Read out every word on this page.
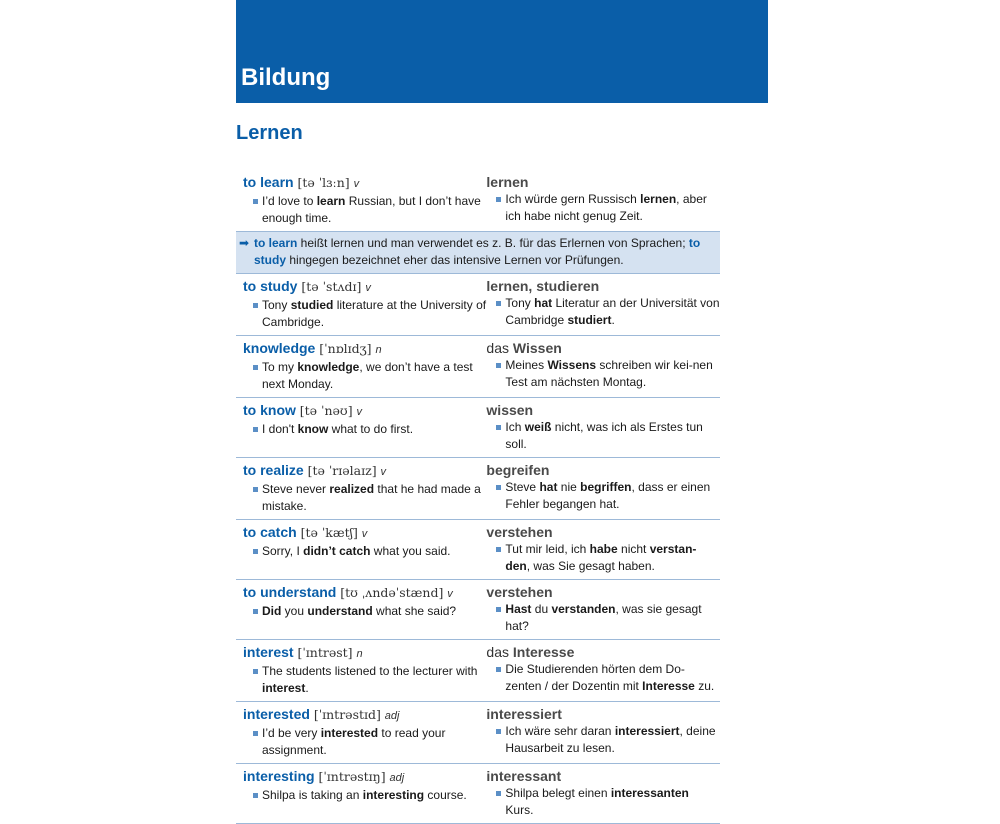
Bildung
Lernen
to learn [tə ˈlɜːn] v
I’d love to learn Russian, but I don’t have enough time.
lernen
Ich würde gern Russisch lernen, aber ich habe nicht genug Zeit.
➡ to learn heißt lernen und man verwendet es z. B. für das Erlernen von Sprachen; to study hingegen bezeichnet eher das intensive Lernen vor Prüfungen.
to study [tə ˈstʌdɪ] v
Tony studied literature at the University of Cambridge.
lernen, studieren
Tony hat Literatur an der Universität von Cambridge studiert.
knowledge [ˈnɒlɪdʒ] n
To my knowledge, we don’t have a test next Monday.
das Wissen
Meines Wissens schreiben wir kei-nen Test am nächsten Montag.
to know [tə ˈnəʊ] v
I don't know what to do first.
wissen
Ich weiß nicht, was ich als Erstes tun soll.
to realize [tə ˈrɪəlaɪz] v
Steve never realized that he had made a mistake.
begreifen
Steve hat nie begriffen, dass er einen Fehler begangen hat.
to catch [tə ˈkætʃ] v
Sorry, I didn’t catch what you said.
verstehen
Tut mir leid, ich habe nicht verstan-den, was Sie gesagt haben.
to understand [tʊ ˌʌndəˈstænd] v
Did you understand what she said?
verstehen
Hast du verstanden, was sie gesagt hat?
interest [ˈɪntrəst] n
The students listened to the lecturer with interest.
das Interesse
Die Studierenden hörten dem Do-zenten / der Dozentin mit Interesse zu.
interested [ˈɪntrəstɪd] adj
I’d be very interested to read your assignment.
interessiert
Ich wäre sehr daran interessiert, deine Hausarbeit zu lesen.
interesting [ˈɪntrəstɪŋ] adj
Shilpa is taking an interesting course.
interessant
Shilpa belegt einen interessanten Kurs.
